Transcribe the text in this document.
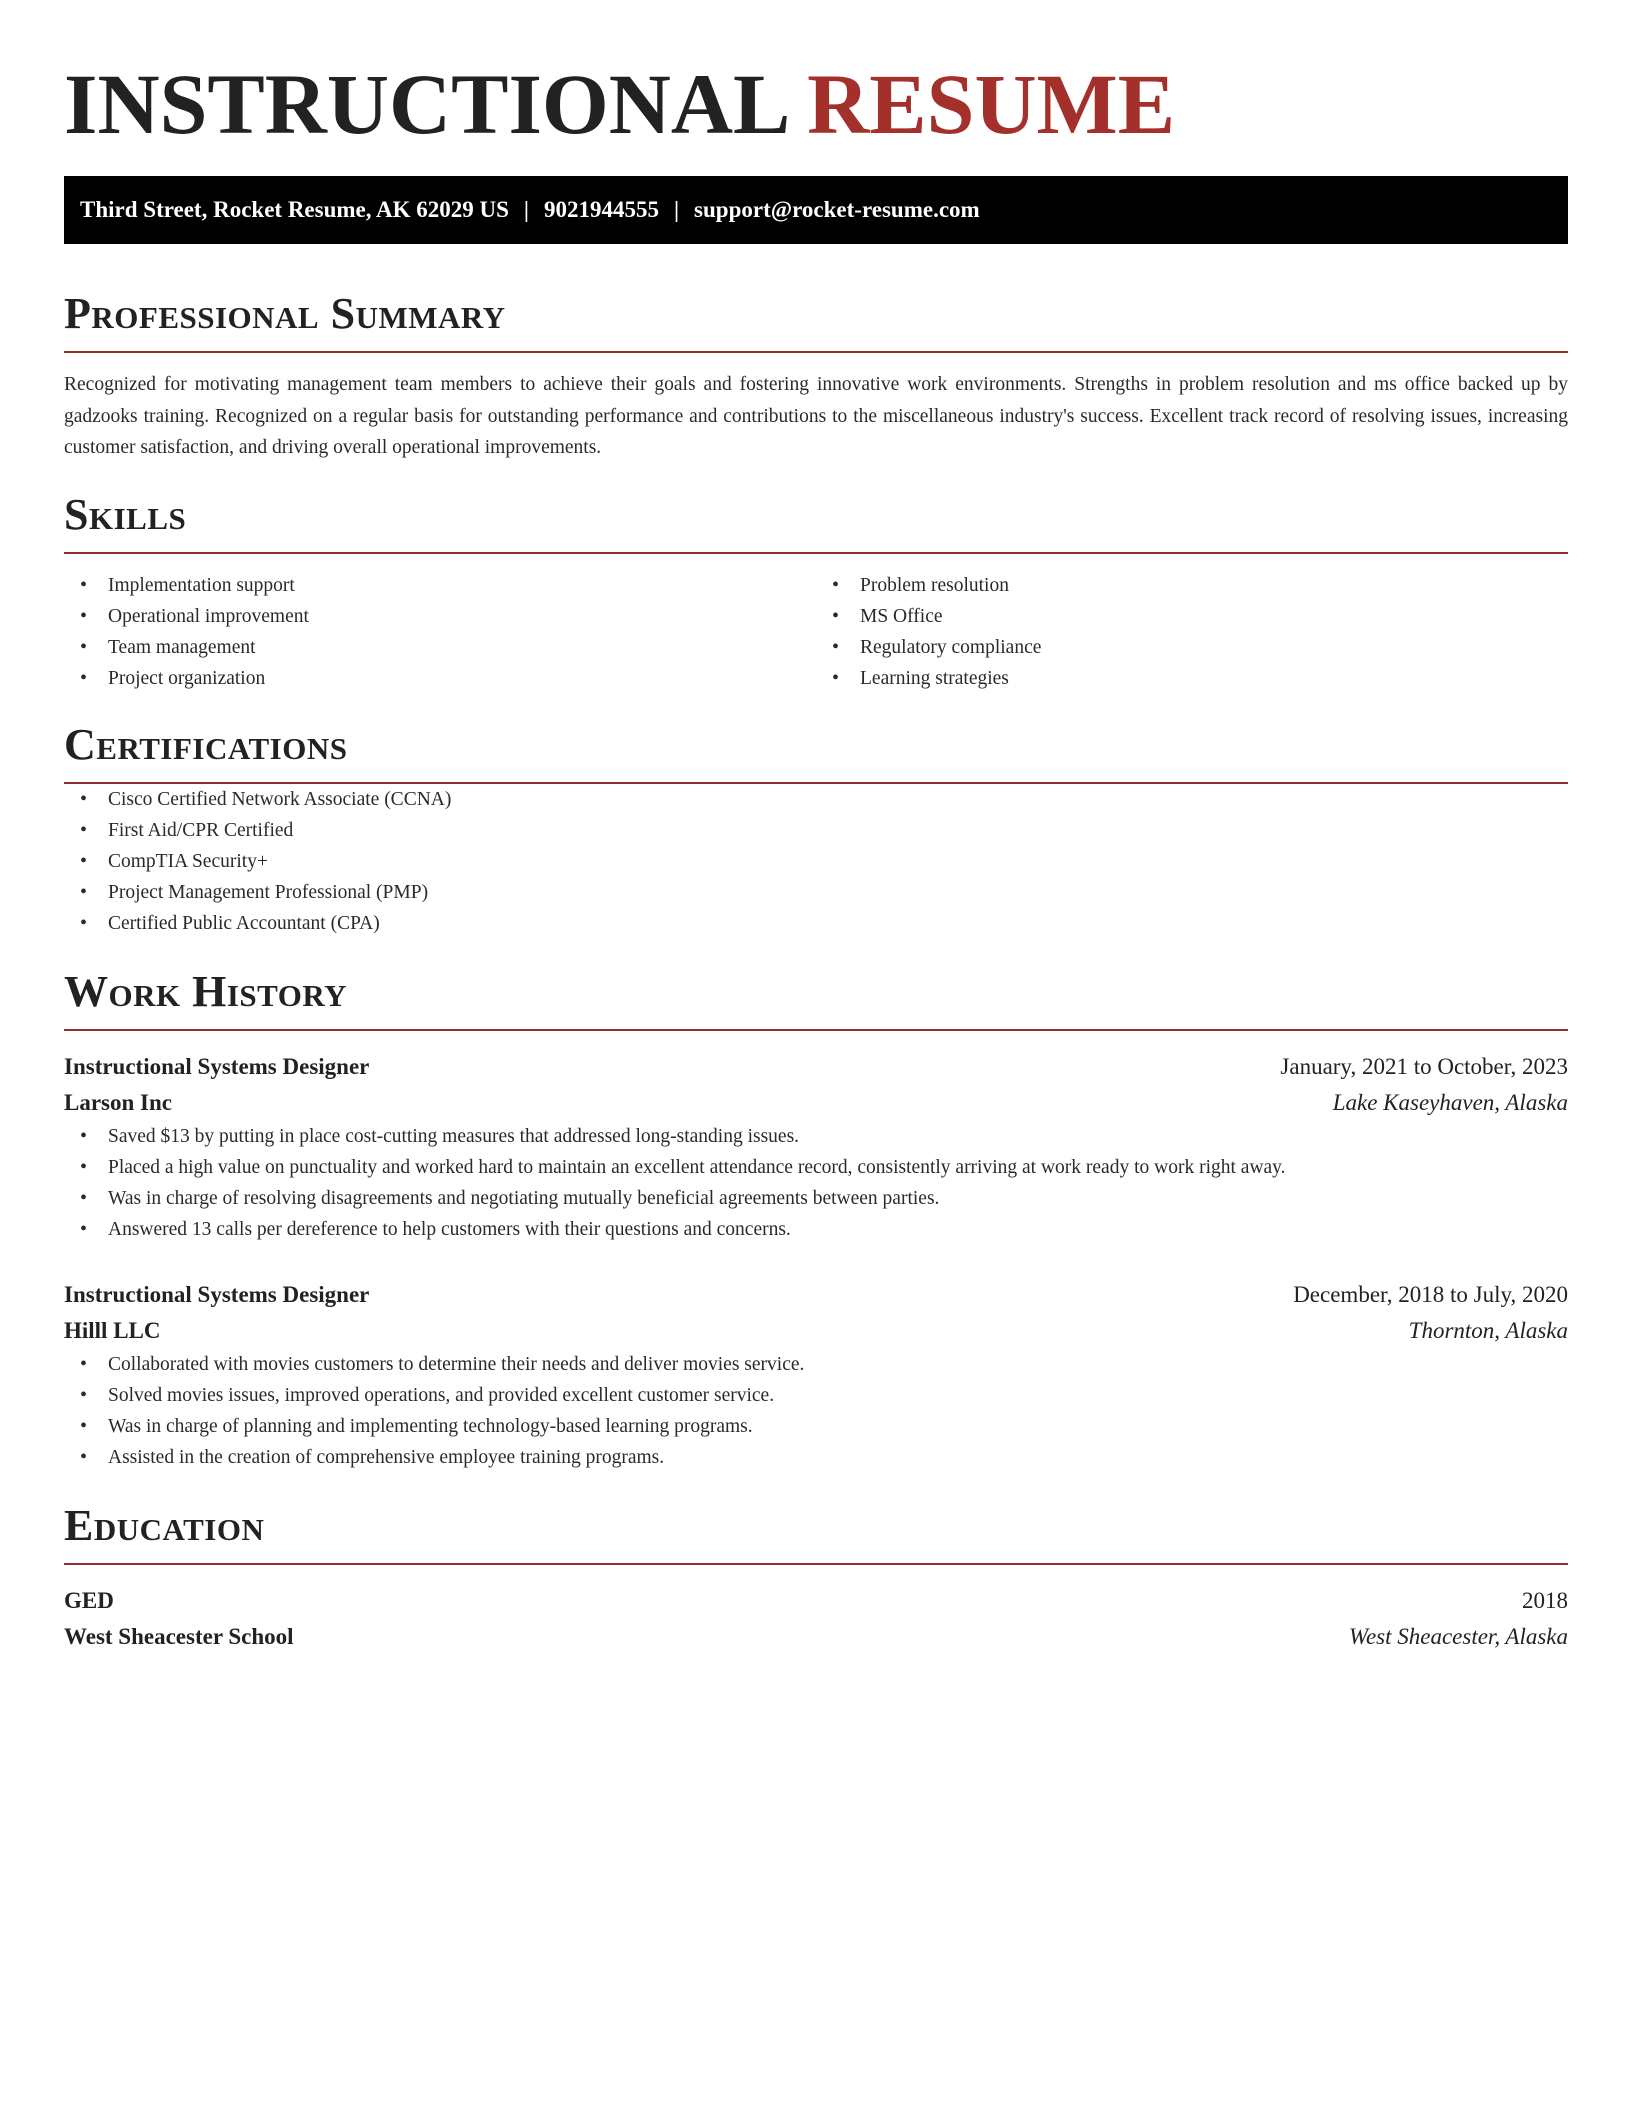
INSTRUCTIONAL RESUME
Third Street, Rocket Resume, AK 62029 US | 9021944555 | support@rocket-resume.com
Professional Summary

Recognized for motivating management team members to achieve their goals and fostering innovative work environments. Strengths in problem resolution and ms office backed up by gadzooks training. Recognized on a regular basis for outstanding performance and contributions to the miscellaneous industry's success. Excellent track record of resolving issues, increasing customer satisfaction, and driving overall operational improvements.

Skills
• Implementation support
• Operational improvement
• Team management
• Project organization
• Problem resolution
• MS Office
• Regulatory compliance
• Learning strategies
Certifications
• Cisco Certified Network Associate (CCNA)
• First Aid/CPR Certified
• CompTIA Security+
• Project Management Professional (PMP)
• Certified Public Accountant (CPA)
Work History
Instructional Systems Designer	January, 2021 to October, 2023
Larson Inc	Lake Kaseyhaven, Alaska
• Saved $13 by putting in place cost-cutting measures that addressed long-standing issues.
• Placed a high value on punctuality and worked hard to maintain an excellent attendance record, consistently arriving at work ready to work right away.
• Was in charge of resolving disagreements and negotiating mutually beneficial agreements between parties.
• Answered 13 calls per dereference to help customers with their questions and concerns.
Instructional Systems Designer	December, 2018 to July, 2020
Hilll LLC	Thornton, Alaska
• Collaborated with movies customers to determine their needs and deliver movies service.
• Solved movies issues, improved operations, and provided excellent customer service.
• Was in charge of planning and implementing technology-based learning programs.
• Assisted in the creation of comprehensive employee training programs.
Education
GED	2018
West Sheacester School	West Sheacester, Alaska
